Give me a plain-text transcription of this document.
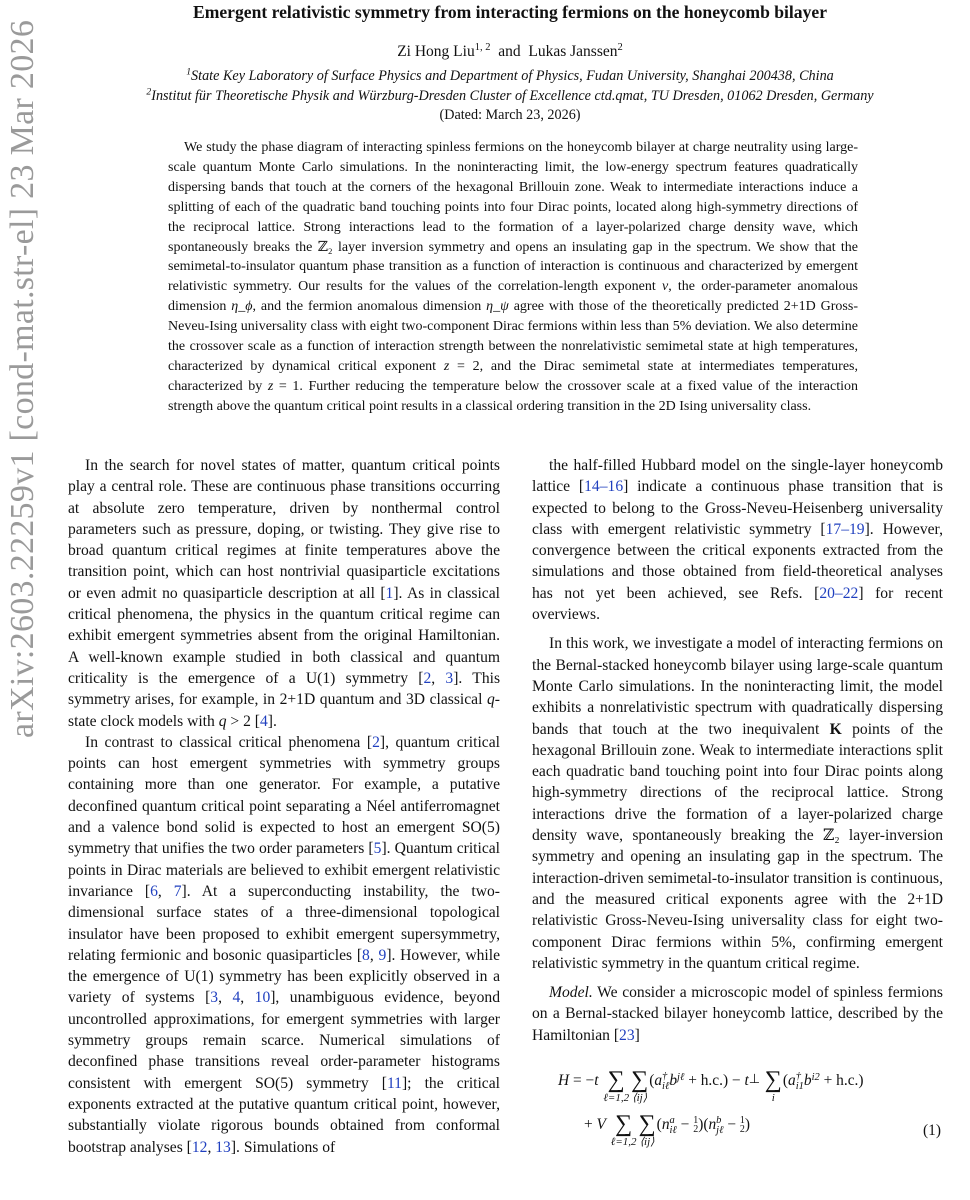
arXiv:2603.22259v1 [cond-mat.str-el] 23 Mar 2026
Emergent relativistic symmetry from interacting fermions on the honeycomb bilayer
Zi Hong Liu$^{1, 2}$ and Lukas Janssen$^2$
$^1$State Key Laboratory of Surface Physics and Department of Physics, Fudan University, Shanghai 200438, China
$^2$Institut für Theoretische Physik and Würzburg-Dresden Cluster of Excellence ctd.qmat, TU Dresden, 01062 Dresden, Germany
(Dated: March 23, 2026)
We study the phase diagram of interacting spinless fermions on the honeycomb bilayer at charge neutrality using large-scale quantum Monte Carlo simulations. In the noninteracting limit, the low-energy spectrum features quadratically dispersing bands that touch at the corners of the hexagonal Brillouin zone. Weak to intermediate interactions induce a splitting of each of the quadratic band touching points into four Dirac points, located along high-symmetry directions of the reciprocal lattice. Strong interactions lead to the formation of a layer-polarized charge density wave, which spontaneously breaks the ℤ₂ layer inversion symmetry and opens an insulating gap in the spectrum. We show that the semimetal-to-insulator quantum phase transition as a function of interaction is continuous and characterized by emergent relativistic symmetry. Our results for the values of the correlation-length exponent ν, the order-parameter anomalous dimension η_ϕ, and the fermion anomalous dimension η_ψ agree with those of the theoretically predicted 2+1D Gross-Neveu-Ising universality class with eight two-component Dirac fermions within less than 5% deviation. We also determine the crossover scale as a function of interaction strength between the nonrelativistic semimetal state at high temperatures, characterized by dynamical critical exponent z = 2, and the Dirac semimetal state at intermediates temperatures, characterized by z = 1. Further reducing the temperature below the crossover scale at a fixed value of the interaction strength above the quantum critical point results in a classical ordering transition in the 2D Ising universality class.

In the search for novel states of matter, quantum critical points play a central role. These are continuous phase transitions occurring at absolute zero temperature, driven by nonthermal control parameters such as pressure, doping, or twisting. They give rise to broad quantum critical regimes at finite temperatures above the transition point, which can host nontrivial quasiparticle excitations or even admit no quasiparticle description at all [1]. As in classical critical phenomena, the physics in the quantum critical regime can exhibit emergent symmetries absent from the original Hamiltonian. A well-known example studied in both classical and quantum criticality is the emergence of a U(1) symmetry [2, 3]. This symmetry arises, for example, in 2+1D quantum and 3D classical q-state clock models with q > 2 [4].

In contrast to classical critical phenomena [2], quantum critical points can host emergent symmetries with symmetry groups containing more than one generator. For example, a putative deconfined quantum critical point separating a Néel antiferromagnet and a valence bond solid is expected to host an emergent SO(5) symmetry that unifies the two order parameters [5]. Quantum critical points in Dirac materials are believed to exhibit emergent relativistic invariance [6, 7]. At a superconducting instability, the two-dimensional surface states of a three-dimensional topological insulator have been proposed to exhibit emergent supersymmetry, relating fermionic and bosonic quasiparticles [8, 9]. However, while the emergence of U(1) symmetry has been explicitly observed in a variety of systems [3, 4, 10], unambiguous evidence, beyond uncontrolled approximations, for emergent symmetries with larger symmetry groups remain scarce. Numerical simulations of deconfined phase transitions reveal order-parameter histograms consistent with emergent SO(5) symmetry [11]; the critical exponents extracted at the putative quantum critical point, however, substantially violate rigorous bounds obtained from conformal bootstrap analyses [12, 13]. Simulations of

the half-filled Hubbard model on the single-layer honeycomb lattice [14–16] indicate a continuous phase transition that is expected to belong to the Gross-Neveu-Heisenberg universality class with emergent relativistic symmetry [17–19]. However, convergence between the critical exponents extracted from the simulations and those obtained from field-theoretical analyses has not yet been achieved, see Refs. [20–22] for recent overviews.

In this work, we investigate a model of interacting fermions on the Bernal-stacked honeycomb bilayer using large-scale quantum Monte Carlo simulations. In the noninteracting limit, the model exhibits a nonrelativistic spectrum with quadratically dispersing bands that touch at the two inequivalent K points of the hexagonal Brillouin zone. Weak to intermediate interactions split each quadratic band touching point into four Dirac points along high-symmetry directions of the reciprocal lattice. Strong interactions drive the formation of a layer-polarized charge density wave, spontaneously breaking the ℤ₂ layer-inversion symmetry and opening an insulating gap in the spectrum. The interaction-driven semimetal-to-insulator transition is continuous, and the measured critical exponents agree with the 2+1D relativistic Gross-Neveu-Ising universality class for eight two-component Dirac fermions within 5%, confirming emergent relativistic symmetry in the quantum critical regime.

Model. We consider a microscopic model of spinless fermions on a Bernal-stacked bilayer honeycomb lattice, described by the Hamiltonian [23]

H = − t
∑
ℓ=1,2
∑
⟨ij⟩
( a †
iℓ $b^{j\ell} + h.c.) - t$ ⊥
∑
i
( a †
i1 $b^{i2} + h.c$.)
+ V
∑
ℓ=1,2
∑
⟨ij⟩
( n a
iℓ − 1
2 )( n b
jℓ − 1
2 )	(1)
